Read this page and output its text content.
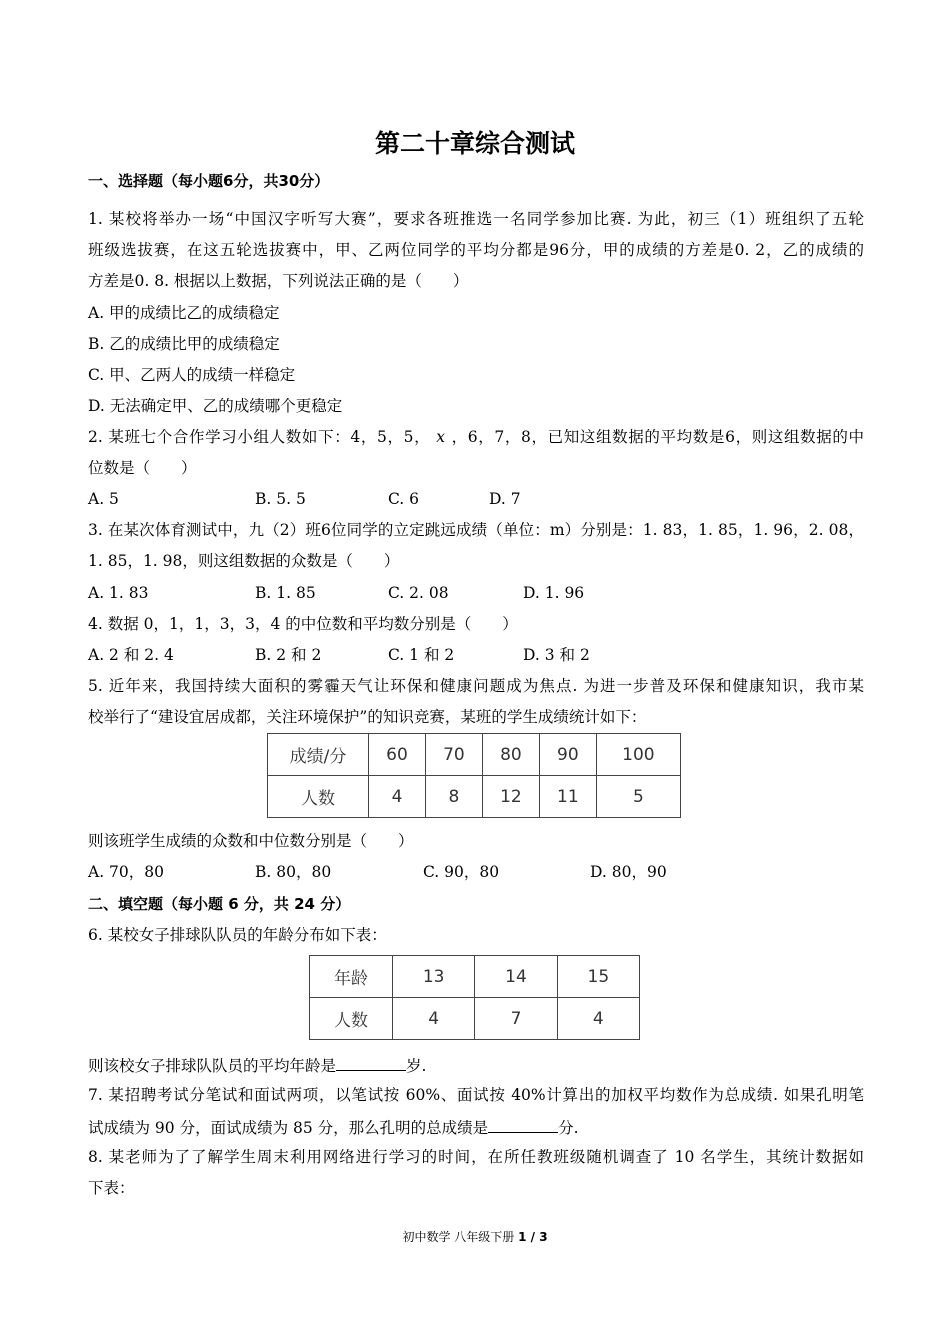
第二十章综合测试
一、选择题（每小题6分，共30分）
1. 某校将举办一场“中国汉字听写大赛”，要求各班推选一名同学参加比赛. 为此，初三（1）班组织了五轮
班级选拔赛，在这五轮选拔赛中，甲、乙两位同学的平均分都是96分，甲的成绩的方差是0. 2，乙的成绩的
方差是0. 8. 根据以上数据，下列说法正确的是（　　）
A. 甲的成绩比乙的成绩稳定
B. 乙的成绩比甲的成绩稳定
C. 甲、乙两人的成绩一样稳定
D. 无法确定甲、乙的成绩哪个更稳定
2. 某班七个合作学习小组人数如下：4，5，5， x ，6，7，8，已知这组数据的平均数是6，则这组数据的中
位数是（　　）
A. 5	B. 5. 5	C. 6	D. 7
3. 在某次体育测试中，九（2）班6位同学的立定跳远成绩（单位：m）分别是：1. 83，1. 85，1. 96，2. 08，
1. 85，1. 98，则这组数据的众数是（　　）
A. 1. 83	B. 1. 85	C. 2. 08	D. 1. 96
4. 数据 0，1，1，3，3，4 的中位数和平均数分别是（　　）
A. 2 和 2. 4	B. 2 和 2	C. 1 和 2	D. 3 和 2
5. 近年来，我国持续大面积的雾霾天气让环保和健康问题成为焦点. 为进一步普及环保和健康知识，我市某
校举行了“建设宜居成都，关注环境保护”的知识竞赛，某班的学生成绩统计如下：
成绩/分	60	70	80	90	100
人数	4	8	12	11	5
则该班学生成绩的众数和中位数分别是（　　）
A. 70，80	B. 80，80	C. 90，80	D. 80，90
二、填空题（每小题 6 分，共 24 分）
6. 某校女子排球队队员的年龄分布如下表：
年龄	13	14	15
人数	4	7	4
则该校女子排球队队员的平均年龄是	岁.
7. 某招聘考试分笔试和面试两项，以笔试按 60%、面试按 40%计算出的加权平均数作为总成绩. 如果孔明笔
试成绩为 90 分，面试成绩为 85 分，那么孔明的总成绩是	分.
8. 某老师为了了解学生周末利用网络进行学习的时间，在所任教班级随机调查了 10 名学生，其统计数据如
下表：
初中数学 八年级下册 1 / 3
